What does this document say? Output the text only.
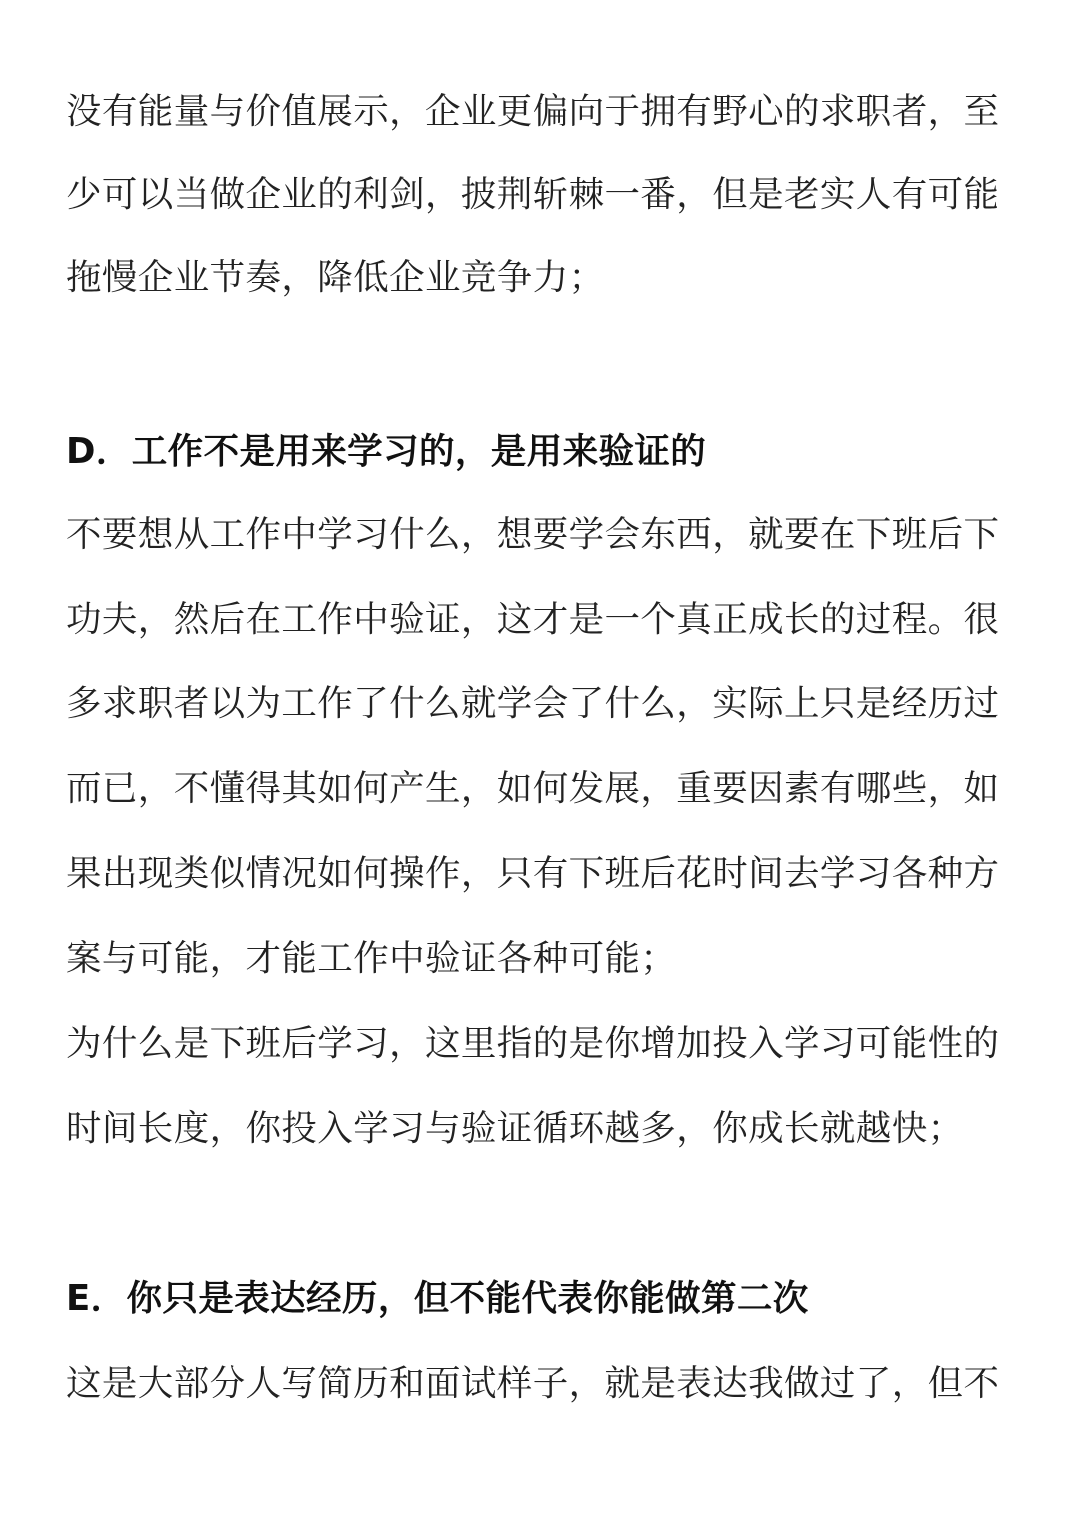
没有能量与价值展示，企业更偏向于拥有野心的求职者，至
少可以当做企业的利剑，披荆斩棘一番，但是老实人有可能
拖慢企业节奏，降低企业竞争力；
D．工作不是用来学习的，是用来验证的
不要想从工作中学习什么，想要学会东西，就要在下班后下
功夫，然后在工作中验证，这才是一个真正成长的过程。很
多求职者以为工作了什么就学会了什么，实际上只是经历过
而已，不懂得其如何产生，如何发展，重要因素有哪些，如
果出现类似情况如何操作，只有下班后花时间去学习各种方
案与可能，才能工作中验证各种可能；
为什么是下班后学习，这里指的是你增加投入学习可能性的
时间长度，你投入学习与验证循环越多，你成长就越快；
E．你只是表达经历，但不能代表你能做第二次
这是大部分人写简历和面试样子，就是表达我做过了，但不
